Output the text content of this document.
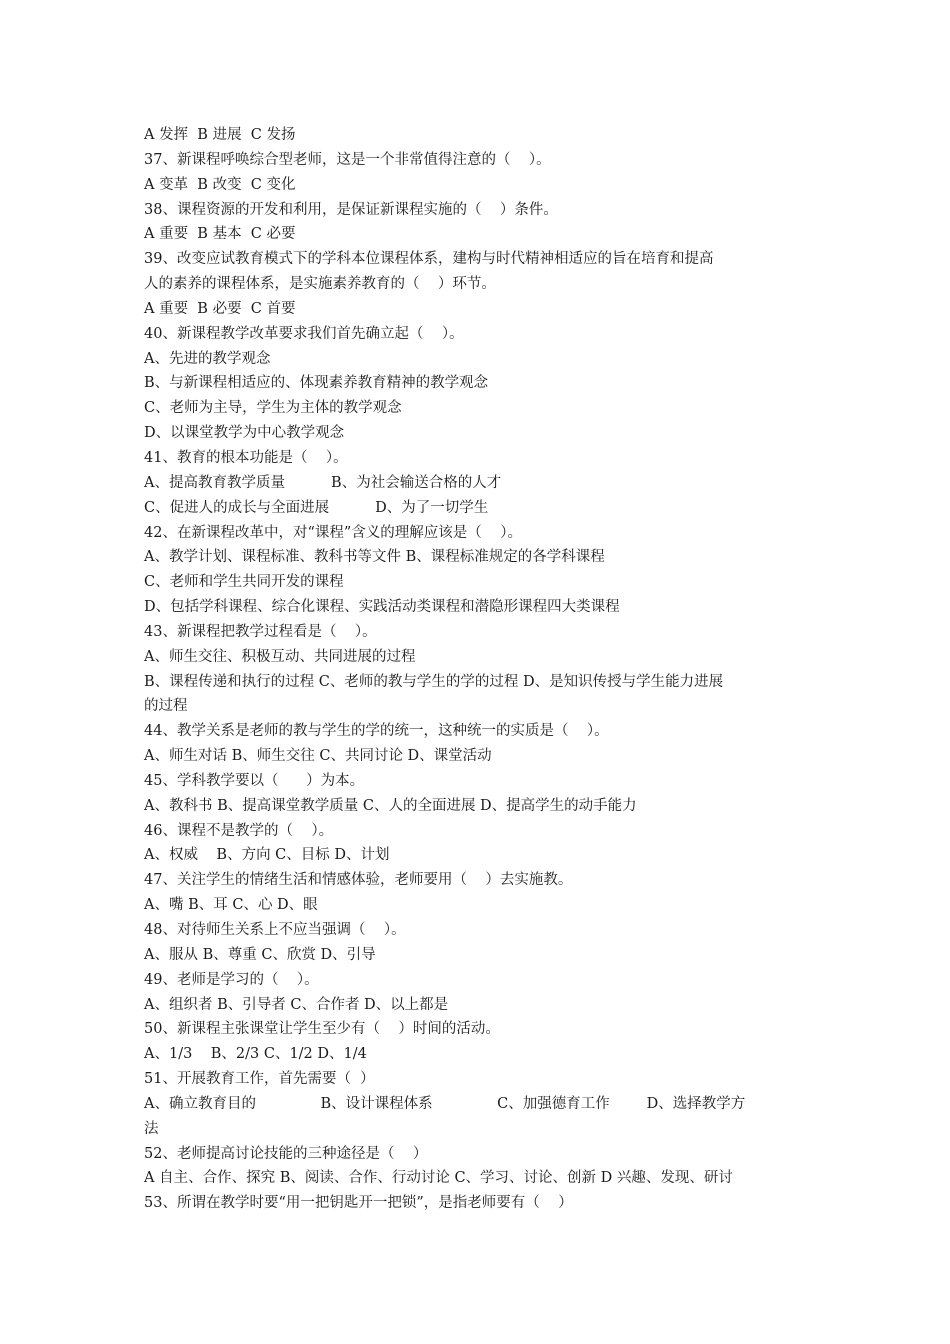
A 发挥  B 进展  C 发扬
37、新课程呼唤综合型老师，这是一个非常值得注意的（    ）。
A 变革  B 改变  C 变化
38、课程资源的开发和利用，是保证新课程实施的（    ）条件。
A 重要  B 基本  C 必要
39、改变应试教育模式下的学科本位课程体系，建构与时代精神相适应的旨在培育和提高
人的素养的课程体系，是实施素养教育的（    ）环节。
A 重要  B 必要  C 首要
40、新课程教学改革要求我们首先确立起（    ）。
A、先进的教学观念
B、与新课程相适应的、体现素养教育精神的教学观念
C、老师为主导，学生为主体的教学观念
D、以课堂教学为中心教学观念
41、教育的根本功能是（    ）。
A、提高教育教学质量          B、为社会输送合格的人才
C、促进人的成长与全面进展          D、为了一切学生
42、在新课程改革中，对“课程”含义的理解应该是（    ）。
A、教学计划、课程标准、教科书等文件 B、课程标准规定的各学科课程
C、老师和学生共同开发的课程
D、包括学科课程、综合化课程、实践活动类课程和潜隐形课程四大类课程
43、新课程把教学过程看是（    ）。
A、师生交往、积极互动、共同进展的过程
B、课程传递和执行的过程 C、老师的教与学生的学的过程 D、是知识传授与学生能力进展
的过程
44、教学关系是老师的教与学生的学的统一，这种统一的实质是（    ）。
A、师生对话 B、师生交往 C、共同讨论 D、课堂活动
45、学科教学要以（      ）为本。
A、教科书 B、提高课堂教学质量 C、人的全面进展 D、提高学生的动手能力
46、课程不是教学的（    ）。
A、权威    B、方向 C、目标 D、计划
47、关注学生的情绪生活和情感体验，老师要用（    ）去实施教。
A、嘴 B、耳 C、心 D、眼
48、对待师生关系上不应当强调（    ）。
A、服从 B、尊重 C、欣赏 D、引导
49、老师是学习的（    ）。
A、组织者 B、引导者 C、合作者 D、以上都是
50、新课程主张课堂让学生至少有（    ）时间的活动。
A、1/3    B、2/3 C、1/2 D、1/4
51、开展教育工作，首先需要（  ）
A、确立教育目的              B、设计课程体系              C、加强德育工作        D、选择教学方
法
52、老师提高讨论技能的三种途径是（    ）
A 自主、合作、探究 B、阅读、合作、行动讨论 C、学习、讨论、创新 D 兴趣、发现、研讨
53、所谓在教学时要“用一把钥匙开一把锁”，是指老师要有（    ）
